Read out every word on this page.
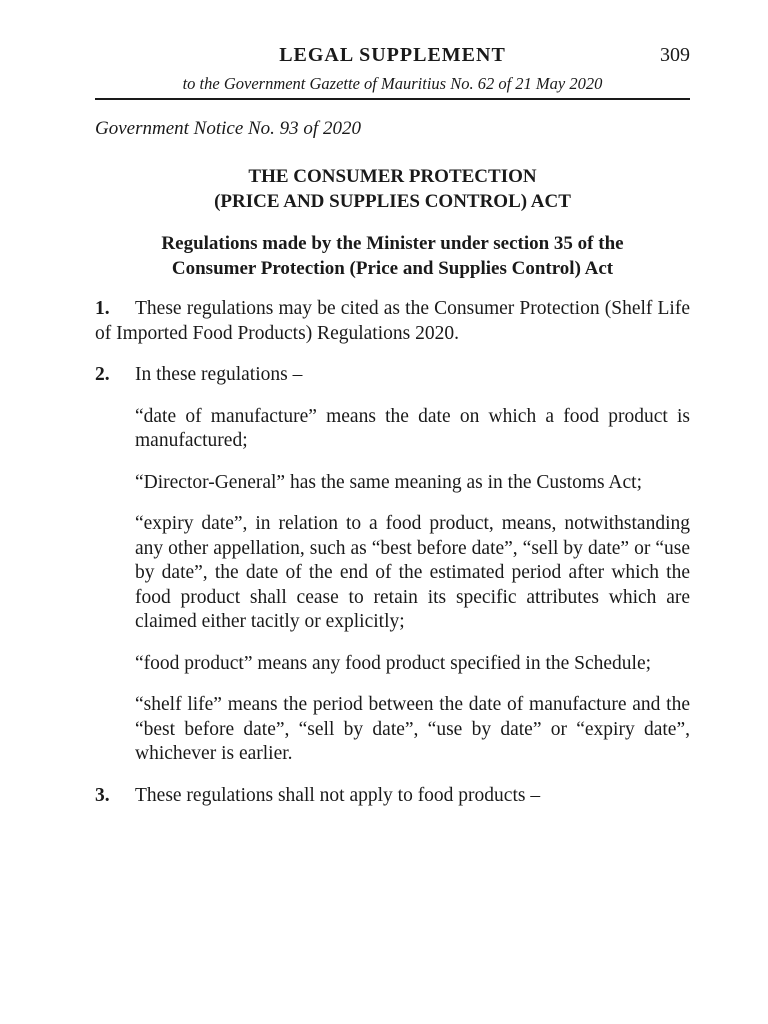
LEGAL SUPPLEMENT	309
to the Government Gazette of Mauritius No. 62 of 21 May 2020
Government Notice No. 93 of 2020
THE CONSUMER PROTECTION
(PRICE AND SUPPLIES CONTROL) ACT
Regulations made by the Minister under section 35 of the
Consumer Protection (Price and Supplies Control) Act
1. These regulations may be cited as the Consumer Protection (Shelf Life of Imported Food Products) Regulations 2020.
2. In these regulations –
“date of manufacture” means the date on which a food product is manufactured;
“Director-General” has the same meaning as in the Customs Act;
“expiry date”, in relation to a food product, means, notwithstanding any other appellation, such as “best before date”, “sell by date” or “use by date”, the date of the end of the estimated period after which the food product shall cease to retain its specific attributes which are claimed either tacitly or explicitly;
“food product” means any food product specified in the Schedule;
“shelf life” means the period between the date of manufacture and the “best before date”, “sell by date”, “use by date” or “expiry date”, whichever is earlier.
3. These regulations shall not apply to food products –
